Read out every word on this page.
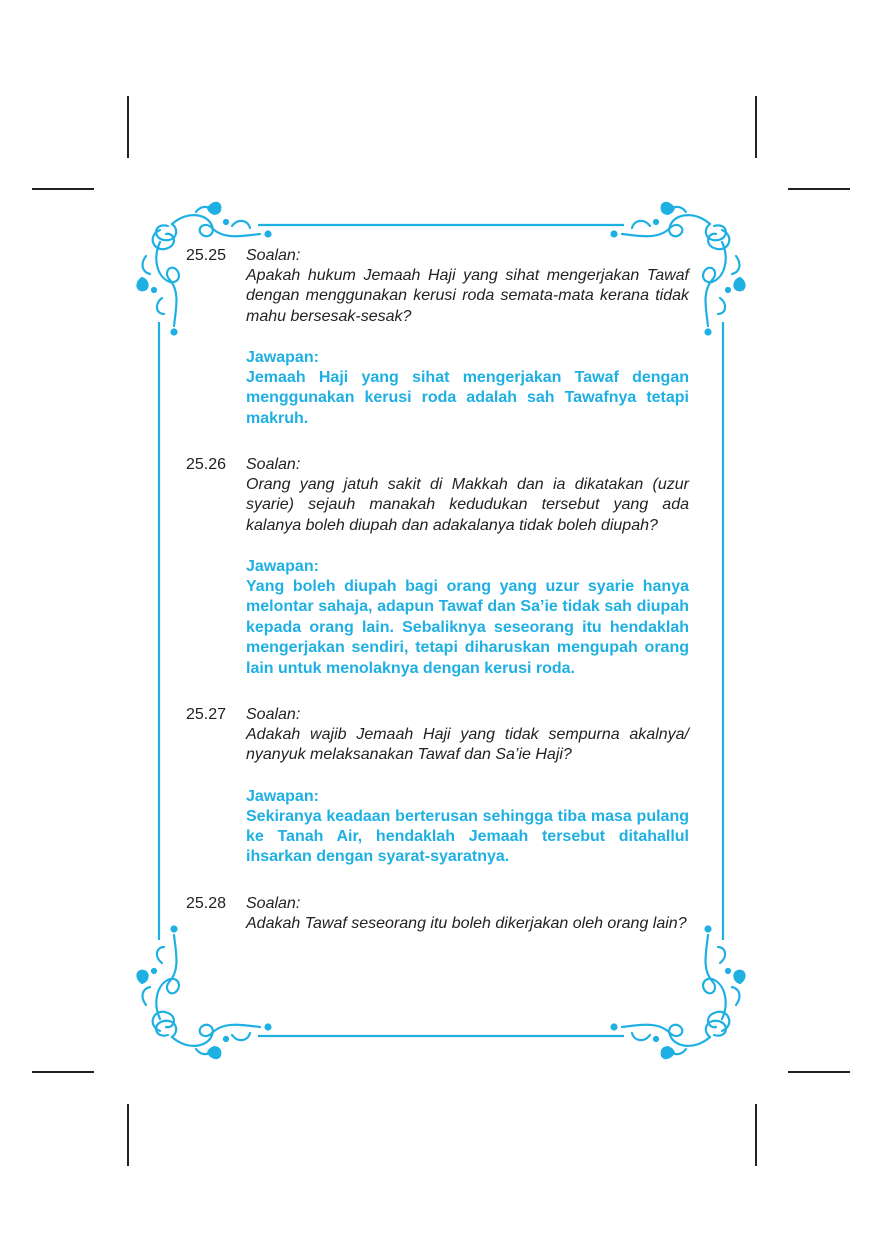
25.25 Soalan:
Apakah hukum Jemaah Haji yang sihat mengerjakan Tawaf dengan menggunakan kerusi roda semata-mata kerana tidak mahu bersesak-sesak?
Jawapan:
Jemaah Haji yang sihat mengerjakan Tawaf dengan menggunakan kerusi roda adalah sah Tawafnya tetapi makruh.
25.26 Soalan:
Orang yang jatuh sakit di Makkah dan ia dikatakan (uzur syarie) sejauh manakah kedudukan tersebut yang ada kalanya boleh diupah dan adakalanya tidak boleh diupah?
Jawapan:
Yang boleh diupah bagi orang yang uzur syarie hanya melontar sahaja, adapun Tawaf dan Sa’ie tidak sah diupah kepada orang lain. Sebaliknya seseorang itu hendaklah mengerjakan sendiri, tetapi diharuskan mengupah orang lain untuk menolaknya dengan kerusi roda.
25.27 Soalan:
Adakah wajib Jemaah Haji yang tidak sempurna akalnya/ nyanyuk melaksanakan Tawaf dan Sa’ie Haji?
Jawapan:
Sekiranya keadaan berterusan sehingga tiba masa pulang ke Tanah Air, hendaklah Jemaah tersebut ditahallul ihsarkan dengan syarat-syaratnya.
25.28 Soalan:
Adakah Tawaf seseorang itu boleh dikerjakan oleh orang lain?
